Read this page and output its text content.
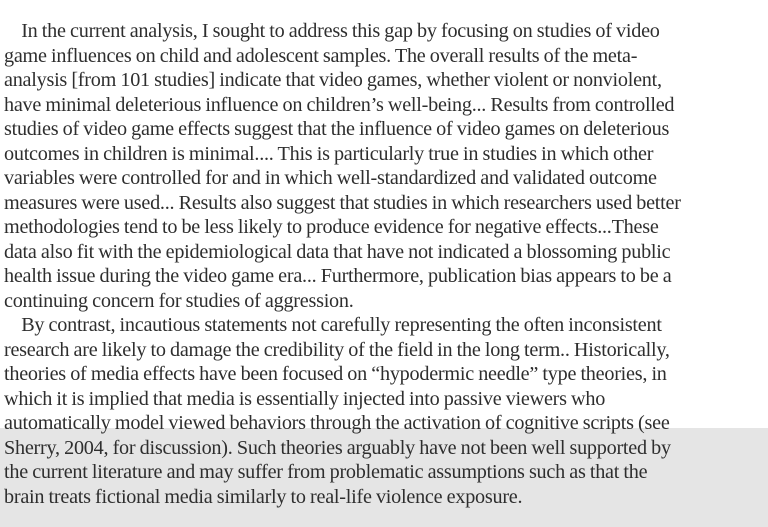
In the current analysis, I sought to address this gap by focusing on studies of video
game influences on child and adolescent samples. The overall results of the meta-
analysis [from 101 studies] indicate that video games, whether violent or nonviolent,
have minimal deleterious influence on children’s well-being... Results from controlled
studies of video game effects suggest that the influence of video games on deleterious
outcomes in children is minimal.... This is particularly true in studies in which other
variables were controlled for and in which well-standardized and validated outcome
measures were used... Results also suggest that studies in which researchers used better
methodologies tend to be less likely to produce evidence for negative effects...These
data also fit with the epidemiological data that have not indicated a blossoming public
health issue during the video game era... Furthermore, publication bias appears to be a
continuing concern for studies of aggression.
By contrast, incautious statements not carefully representing the often inconsistent
research are likely to damage the credibility of the field in the long term.. Historically,
theories of media effects have been focused on “hypodermic needle” type theories, in
which it is implied that media is essentially injected into passive viewers who
automatically model viewed behaviors through the activation of cognitive scripts (see
Sherry, 2004, for discussion). Such theories arguably have not been well supported by
the current literature and may suffer from problematic assumptions such as that the
brain treats fictional media similarly to real-life violence exposure.
